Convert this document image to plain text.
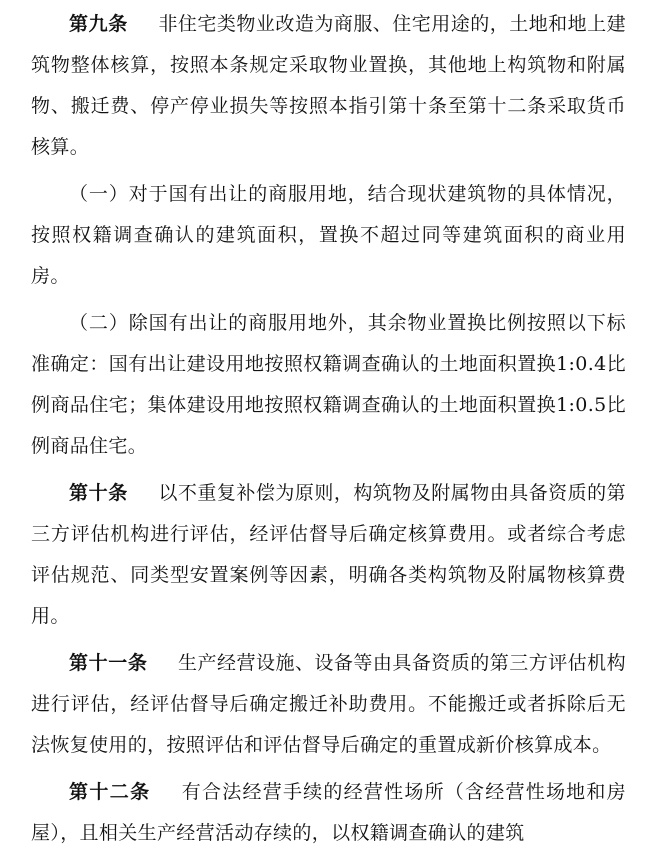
第九条 非住宅类物业改造为商服、住宅用途的，土地和地上建筑物整体核算，按照本条规定采取物业置换，其他地上构筑物和附属物、搬迁费、停产停业损失等按照本指引第十条至第十二条采取货币核算。

（一）对于国有出让的商服用地，结合现状建筑物的具体情况，按照权籍调查确认的建筑面积，置换不超过同等建筑面积的商业用房。

（二）除国有出让的商服用地外，其余物业置换比例按照以下标准确定：国有出让建设用地按照权籍调查确认的土地面积置换1:0.4比例商品住宅；集体建设用地按照权籍调查确认的土地面积置换1:0.5比例商品住宅。

第十条 以不重复补偿为原则，构筑物及附属物由具备资质的第三方评估机构进行评估，经评估督导后确定核算费用。或者综合考虑评估规范、同类型安置案例等因素，明确各类构筑物及附属物核算费用。

第十一条 生产经营设施、设备等由具备资质的第三方评估机构进行评估，经评估督导后确定搬迁补助费用。不能搬迁或者拆除后无法恢复使用的，按照评估和评估督导后确定的重置成新价核算成本。

第十二条 有合法经营手续的经营性场所（含经营性场地和房屋），且相关生产经营活动存续的，以权籍调查确认的建筑
